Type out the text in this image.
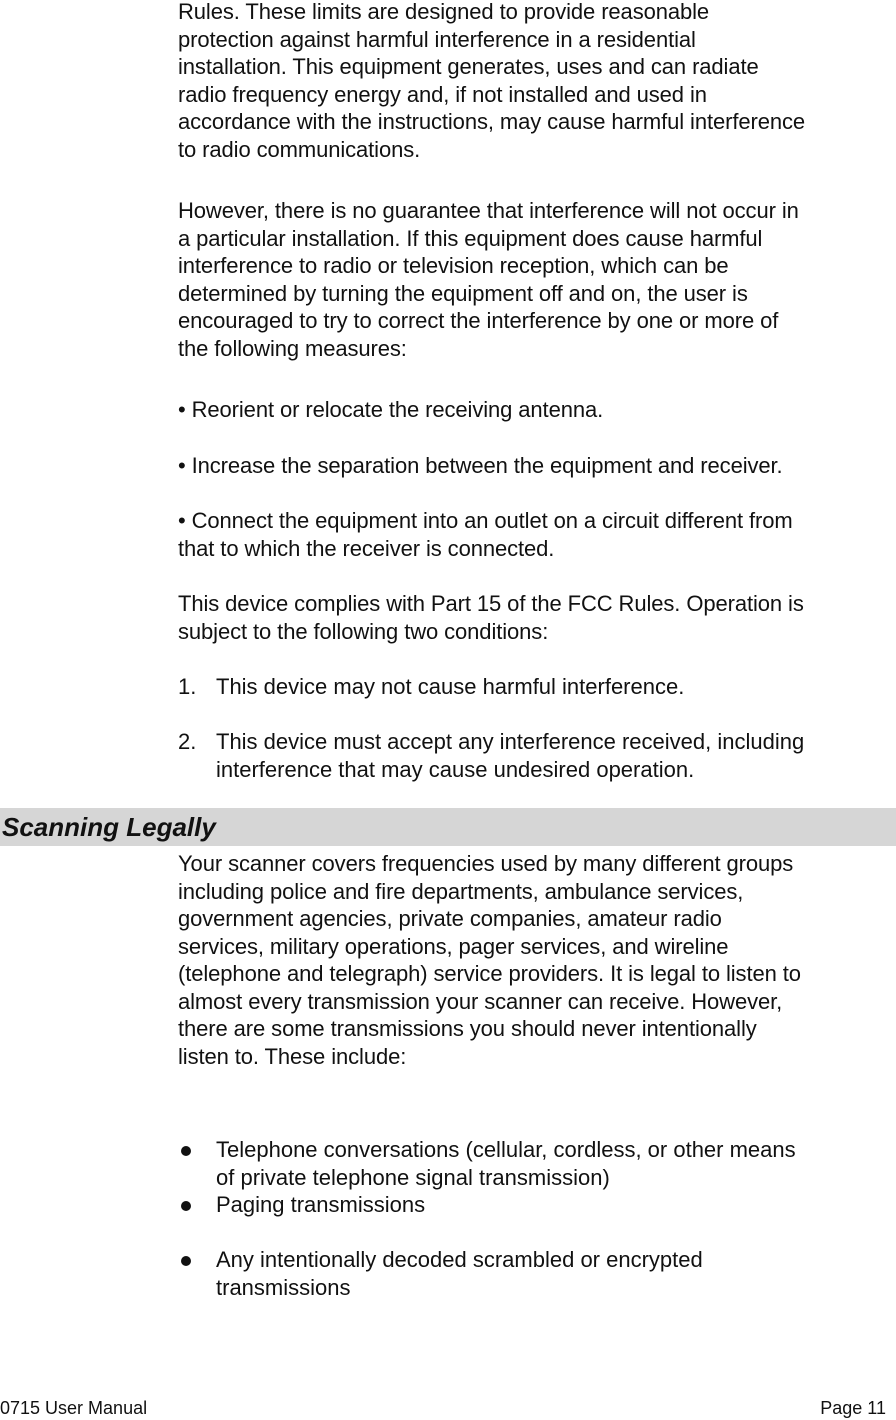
Rules. These limits are designed to provide reasonable
protection against harmful interference in a residential
installation. This equipment generates, uses and can radiate
radio frequency energy and, if not installed and used in
accordance with the instructions, may cause harmful interference
to radio communications.

However, there is no guarantee that interference will not occur in
a particular installation. If this equipment does cause harmful
interference to radio or television reception, which can be
determined by turning the equipment off and on, the user is
encouraged to try to correct the interference by one or more of
the following measures:

• Reorient or relocate the receiving antenna.

• Increase the separation between the equipment and receiver.

• Connect the equipment into an outlet on a circuit different from
that to which the receiver is connected.

This device complies with Part 15 of the FCC Rules. Operation is
subject to the following two conditions:

1. This device may not cause harmful interference.
2. This device must accept any interference received, including
interference that may cause undesired operation.
Scanning Legally

Your scanner covers frequencies used by many different groups
including police and fire departments, ambulance services,
government agencies, private companies, amateur radio
services, military operations, pager services, and wireline
(telephone and telegraph) service providers. It is legal to listen to
almost every transmission your scanner can receive. However,
there are some transmissions you should never intentionally
listen to. These include:

Telephone conversations (cellular, cordless, or other means
of private telephone signal transmission)
Paging transmissions
Any intentionally decoded scrambled or encrypted
transmissions
0715 User Manual	Page 11
